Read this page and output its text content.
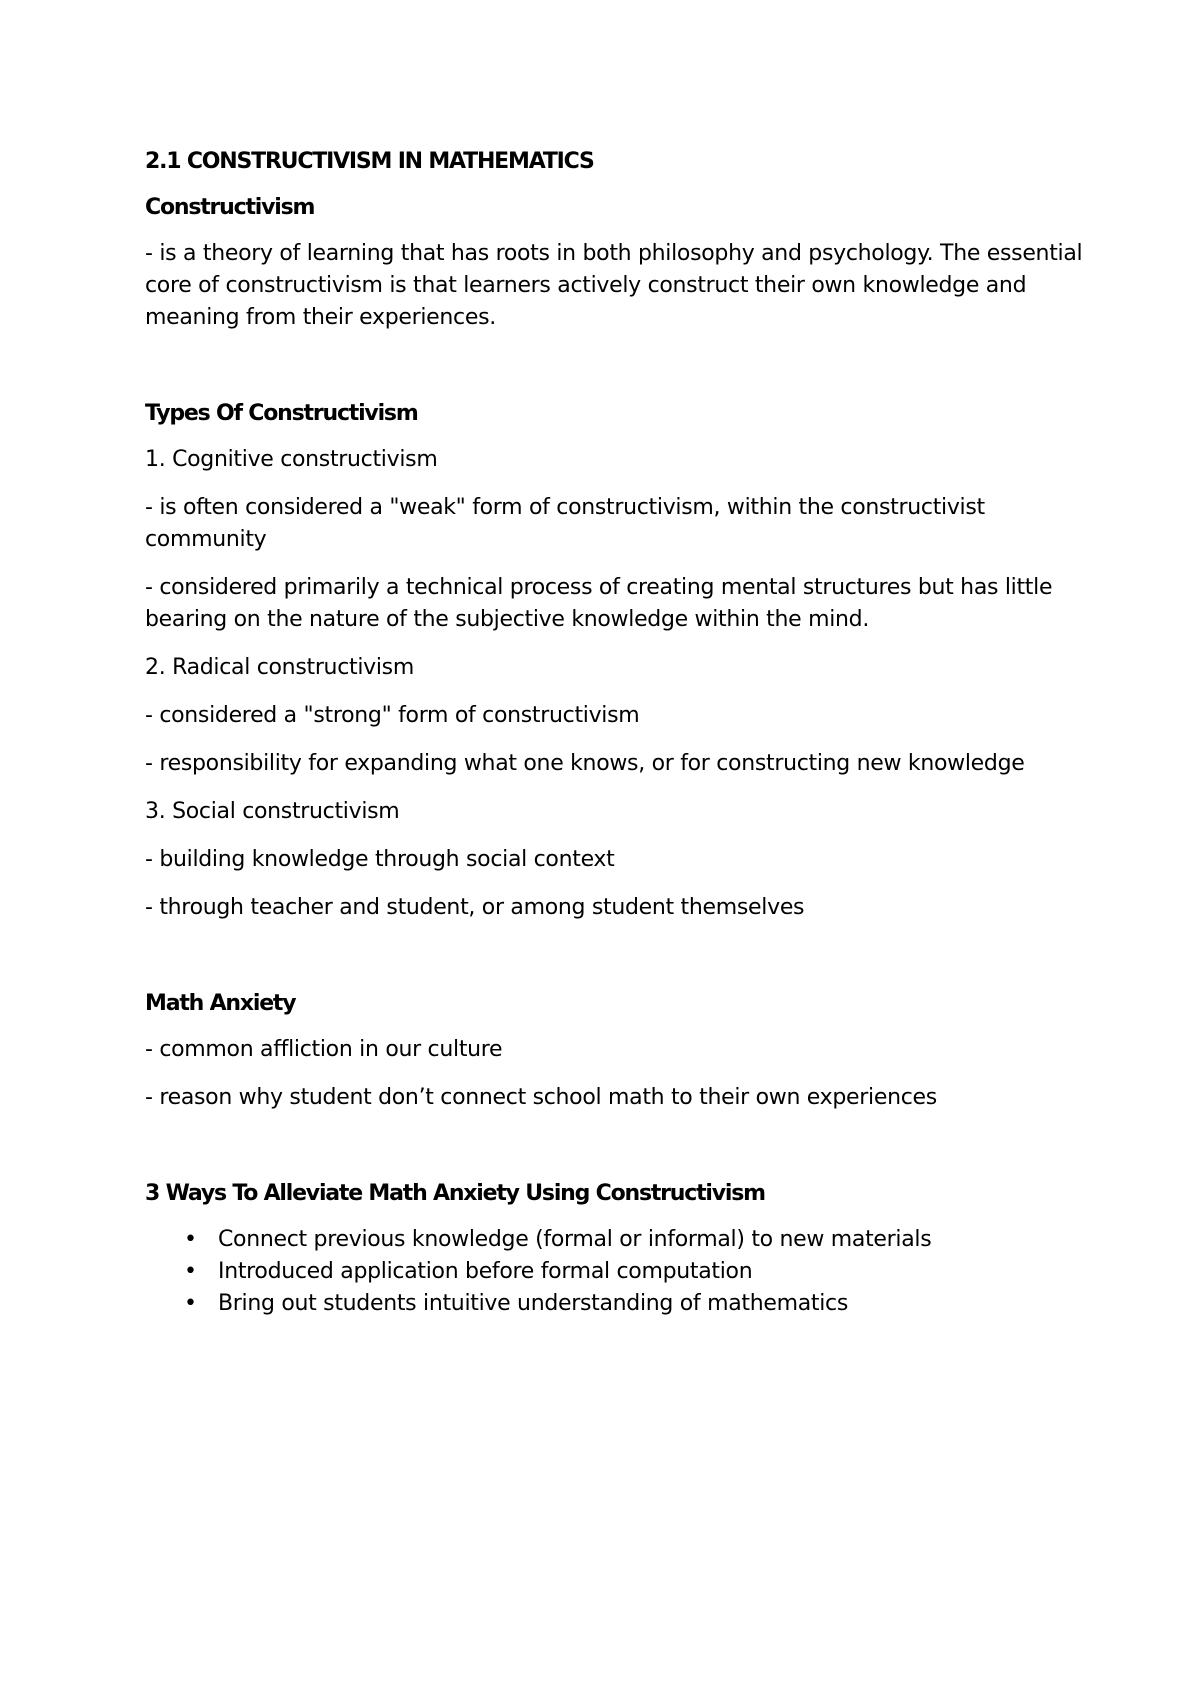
2.1 CONSTRUCTIVISM IN MATHEMATICS
Constructivism
- is a theory of learning that has roots in both philosophy and psychology. The essential core of constructivism is that learners actively construct their own knowledge and meaning from their experiences.
Types Of Constructivism
1. Cognitive constructivism
- is often considered a "weak" form of constructivism, within the constructivist community
- considered primarily a technical process of creating mental structures but has little bearing on the nature of the subjective knowledge within the mind.
2. Radical constructivism
- considered a "strong" form of constructivism
- responsibility for expanding what one knows, or for constructing new knowledge
3. Social constructivism
- building knowledge through social context
- through teacher and student, or among student themselves
Math Anxiety
- common affliction in our culture
- reason why student don’t connect school math to their own experiences
3 Ways To Alleviate Math Anxiety Using Constructivism
• Connect previous knowledge (formal or informal) to new materials
• Introduced application before formal computation
• Bring out students intuitive understanding of mathematics
